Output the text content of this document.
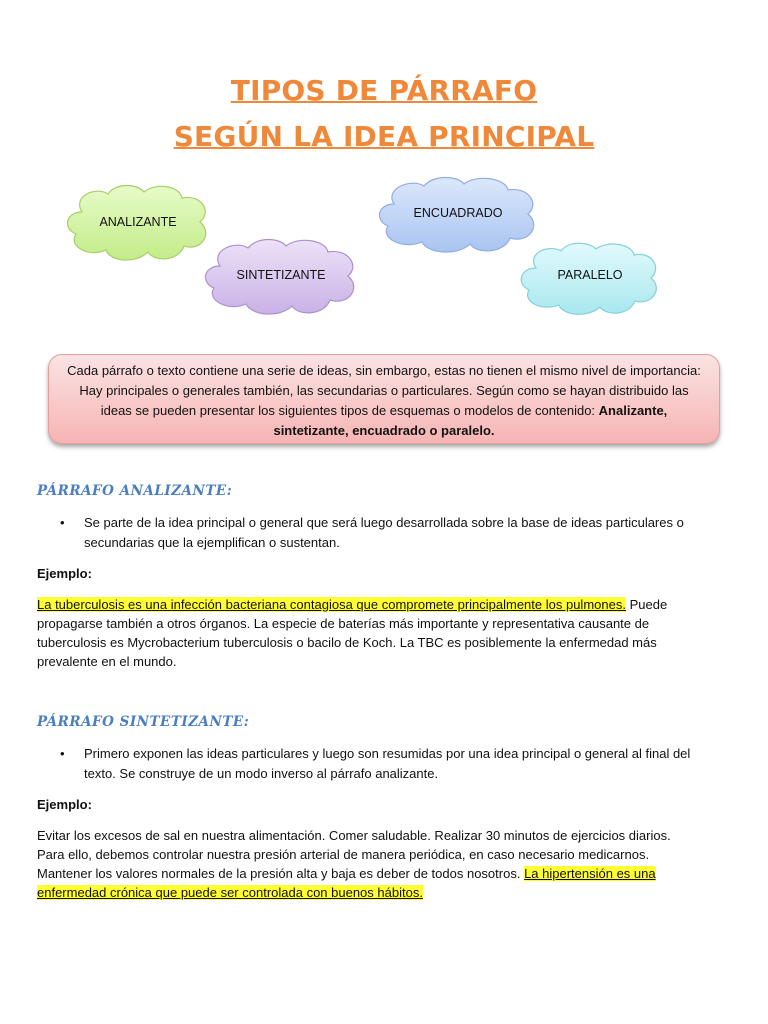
TIPOS DE PÁRRAFO
SEGÚN LA IDEA PRINCIPAL
ANALIZANTE
SINTETIZANTE
ENCUADRADO
PARALELO
Cada párrafo o texto contiene una serie de ideas, sin embargo, estas no tienen el mismo nivel de importancia: Hay principales o generales también, las secundarias o particulares. Según como se hayan distribuido las ideas se pueden presentar los siguientes tipos de esquemas o modelos de contenido: Analizante, sintetizante, encuadrado o paralelo.
PÁRRAFO ANALIZANTE:
•	Se parte de la idea principal o general que será luego desarrollada sobre la base de ideas particulares o secundarias que la ejemplifican o sustentan.
Ejemplo:
La tuberculosis es una infección bacteriana contagiosa que compromete principalmente los pulmones. Puede propagarse también a otros órganos. La especie de baterías más importante y representativa causante de tuberculosis es Mycrobacterium tuberculosis o bacilo de Koch. La TBC es posiblemente la enfermedad más prevalente en el mundo.
PÁRRAFO SINTETIZANTE:
•	Primero exponen las ideas particulares y luego son resumidas por una idea principal o general al final del texto. Se construye de un modo inverso al párrafo analizante.
Ejemplo:
Evitar los excesos de sal en nuestra alimentación. Comer saludable. Realizar 30 minutos de ejercicios diarios. Para ello, debemos controlar nuestra presión arterial de manera periódica, en caso necesario medicarnos. Mantener los valores normales de la presión alta y baja es deber de todos nosotros. La hipertensión es una enfermedad crónica que puede ser controlada con buenos hábitos.
